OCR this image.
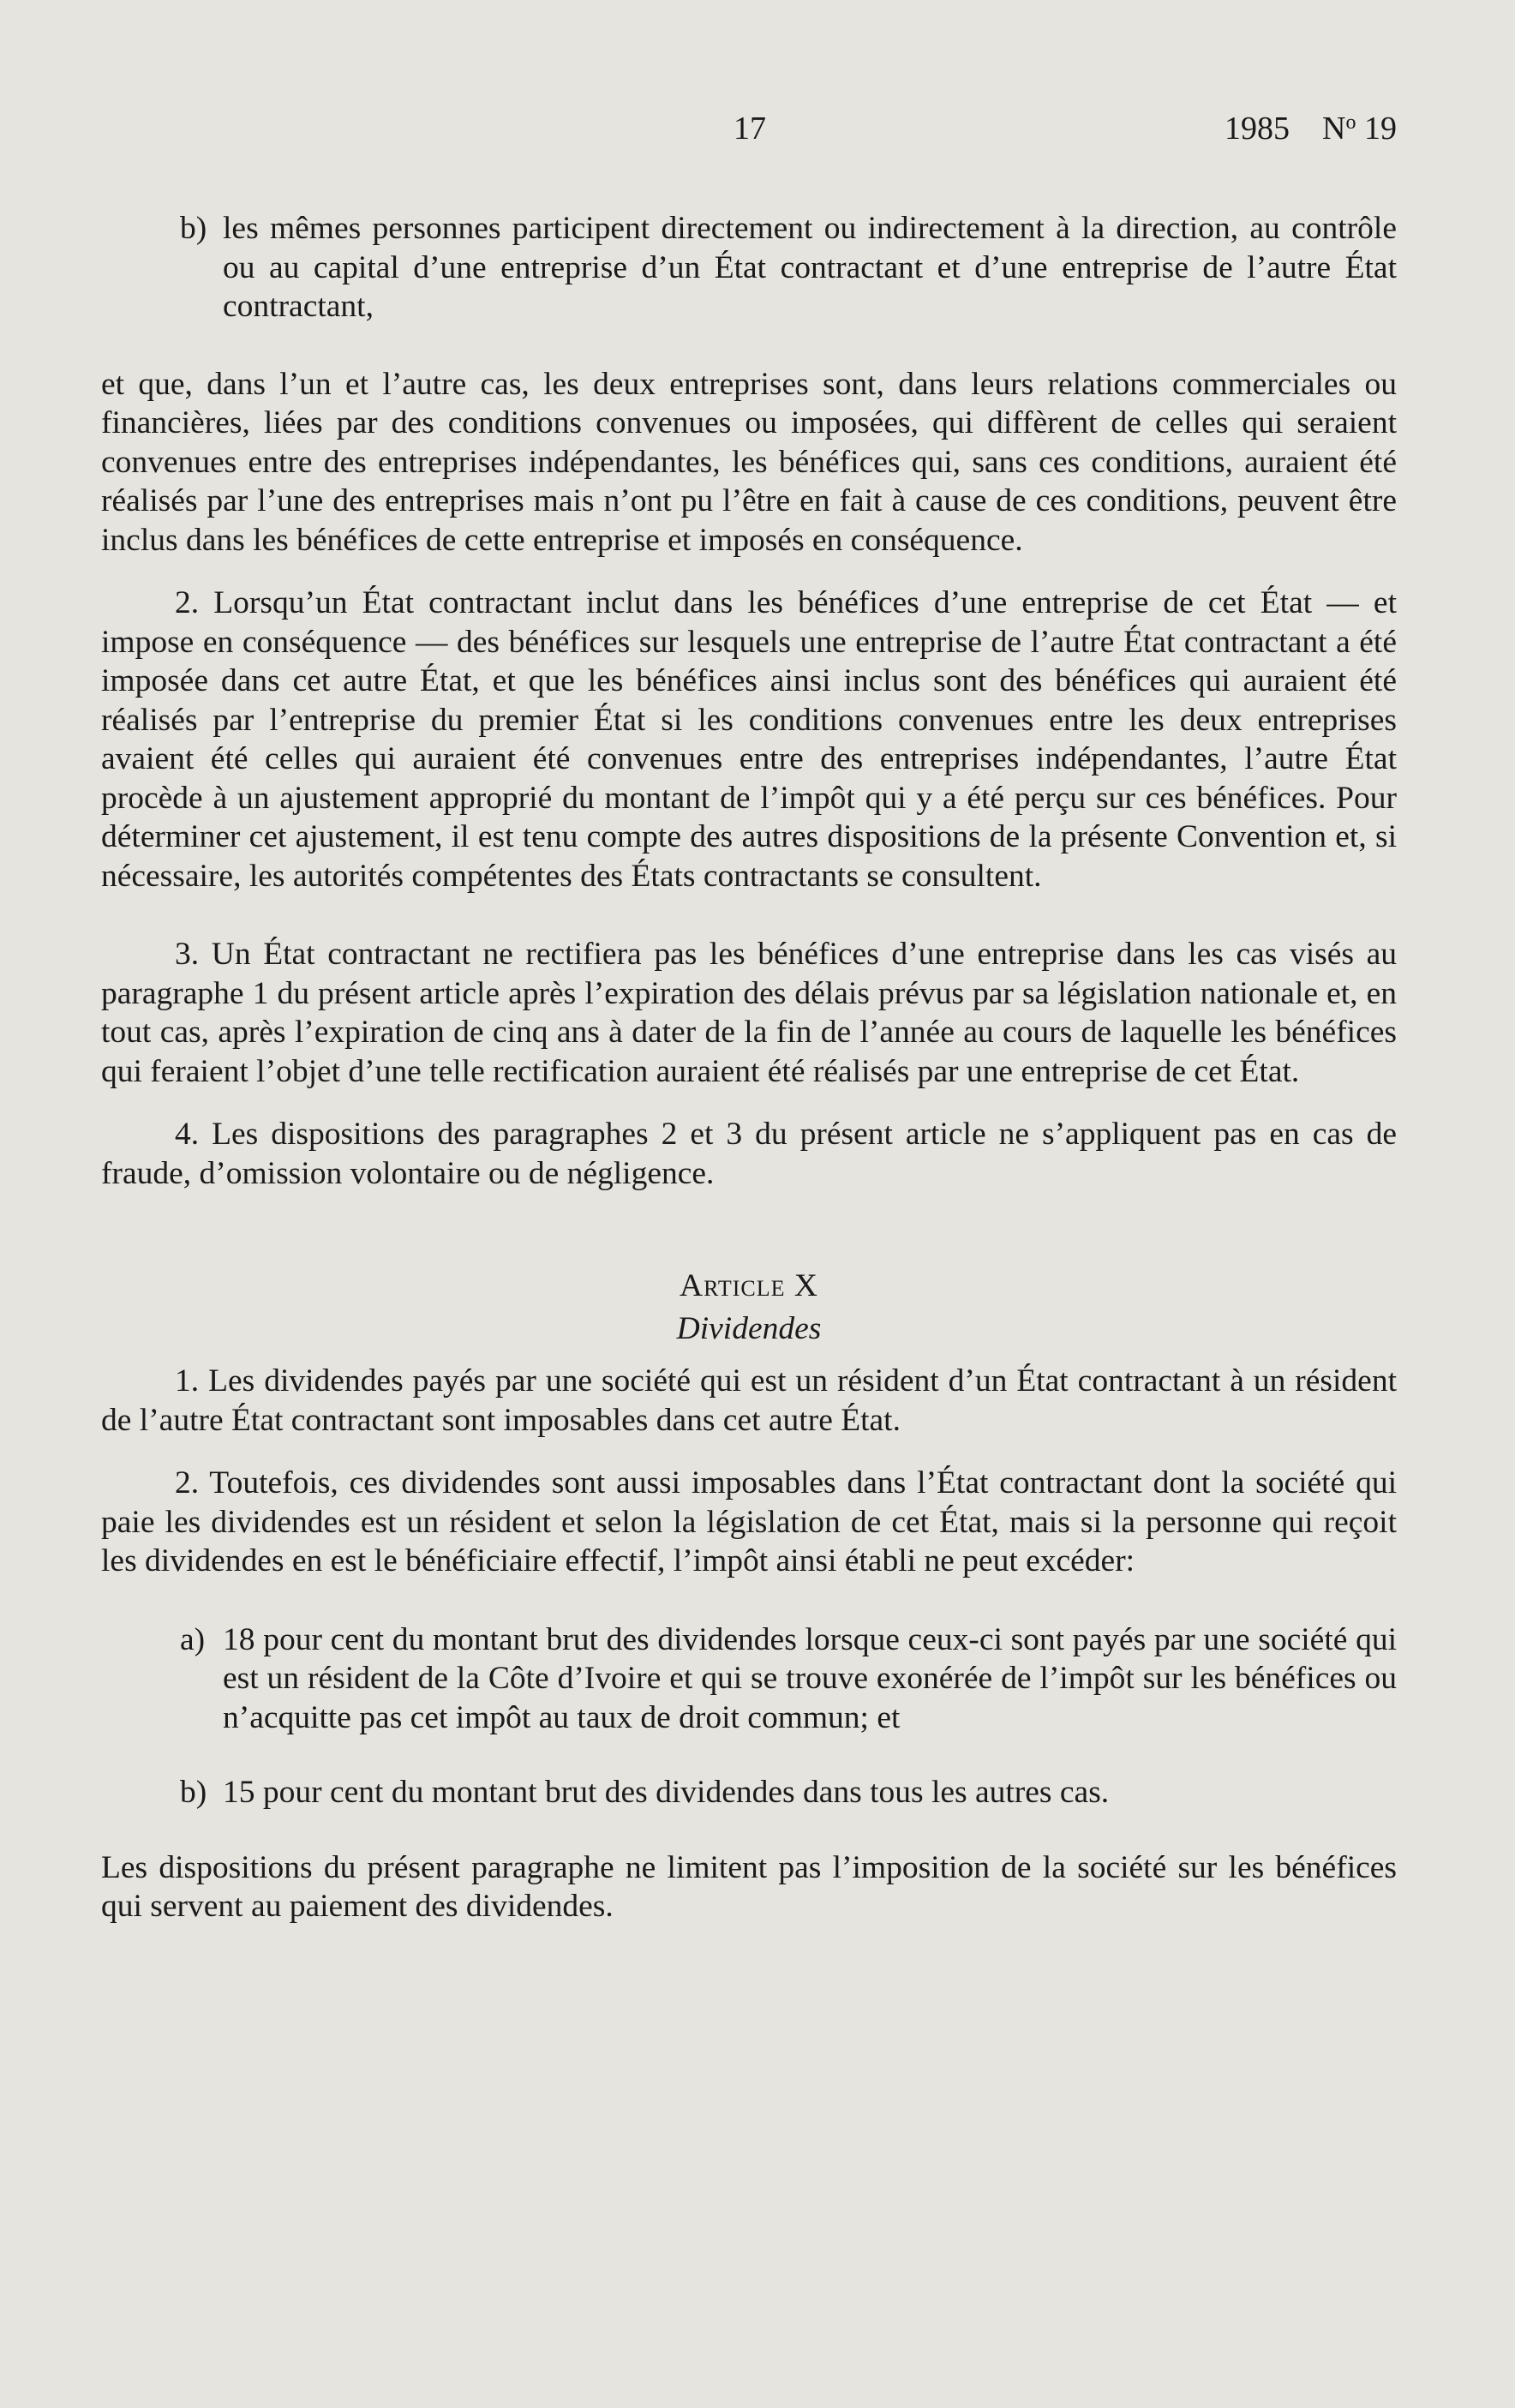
17	1985 $N^o$ 19
b) les mêmes personnes participent directement ou indirectement à la direction, au contrôle ou au capital d’une entreprise d’un État contractant et d’une entreprise de l’autre État contractant,

et que, dans l’un et l’autre cas, les deux entreprises sont, dans leurs relations commerciales ou financières, liées par des conditions convenues ou imposées, qui diffèrent de celles qui seraient convenues entre des entreprises indépendantes, les bénéfices qui, sans ces conditions, auraient été réalisés par l’une des entreprises mais n’ont pu l’être en fait à cause de ces conditions, peuvent être inclus dans les bénéfices de cette entreprise et imposés en conséquence.

2. Lorsqu’un État contractant inclut dans les bénéfices d’une entreprise de cet État — et impose en conséquence — des bénéfices sur lesquels une entreprise de l’autre État contractant a été imposée dans cet autre État, et que les bénéfices ainsi inclus sont des bénéfices qui auraient été réalisés par l’entreprise du premier État si les conditions convenues entre les deux entreprises avaient été celles qui auraient été convenues entre des entreprises indépendantes, l’autre État procède à un ajustement approprié du montant de l’impôt qui y a été perçu sur ces bénéfices. Pour déterminer cet ajustement, il est tenu compte des autres dispositions de la présente Convention et, si nécessaire, les autorités compétentes des États contractants se consultent.

3. Un État contractant ne rectifiera pas les bénéfices d’une entreprise dans les cas visés au paragraphe 1 du présent article après l’expiration des délais prévus par sa législation nationale et, en tout cas, après l’expiration de cinq ans à dater de la fin de l’année au cours de laquelle les bénéfices qui feraient l’objet d’une telle rectification auraient été réalisés par une entreprise de cet État.

4. Les dispositions des paragraphes 2 et 3 du présent article ne s’appliquent pas en cas de fraude, d’omission volontaire ou de négligence.

Article X

Dividendes

1. Les dividendes payés par une société qui est un résident d’un État contractant à un résident de l’autre État contractant sont imposables dans cet autre État.

2. Toutefois, ces dividendes sont aussi imposables dans l’État contractant dont la société qui paie les dividendes est un résident et selon la législation de cet État, mais si la personne qui reçoit les dividendes en est le bénéficiaire effectif, l’impôt ainsi établi ne peut excéder:

a) 18 pour cent du montant brut des dividendes lorsque ceux-ci sont payés par une société qui est un résident de la Côte d’Ivoire et qui se trouve exonérée de l’impôt sur les bénéfices ou n’acquitte pas cet impôt au taux de droit commun; et
b) 15 pour cent du montant brut des dividendes dans tous les autres cas.

Les dispositions du présent paragraphe ne limitent pas l’imposition de la société sur les bénéfices qui servent au paiement des dividendes.
